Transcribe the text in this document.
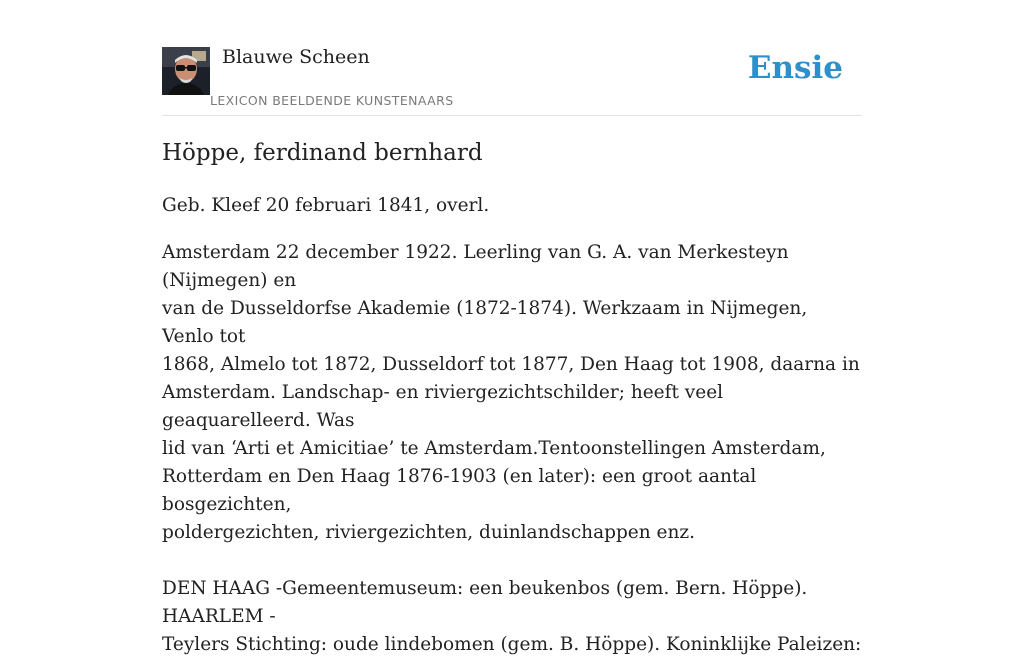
Blauwe Scheen
LEXICON BEELDENDE KUNSTENAARS
Ensie
Höppe, ferdinand bernhard

Geb. Kleef 20 februari 1841, overl.

Amsterdam 22 december 1922. Leerling van G. A. van Merkesteyn (Nijmegen) en
van de Dusseldorfse Akademie (1872-1874). Werkzaam in Nijmegen, Venlo tot
1868, Almelo tot 1872, Dusseldorf tot 1877, Den Haag tot 1908, daarna in
Amsterdam. Landschap- en riviergezichtschilder; heeft veel geaquarelleerd. Was
lid van ‘Arti et Amicitiae’ te Amsterdam.Tentoonstellingen Amsterdam,
Rotterdam en Den Haag 1876-1903 (en later): een groot aantal bosgezichten,
poldergezichten, riviergezichten, duinlandschappen enz.

DEN HAAG -Gemeentemuseum: een beukenbos (gem. Bern. Höppe). HAARLEM -
Teylers Stichting: oude lindebomen (gem. B. Höppe). Koninklijke Paleizen:
